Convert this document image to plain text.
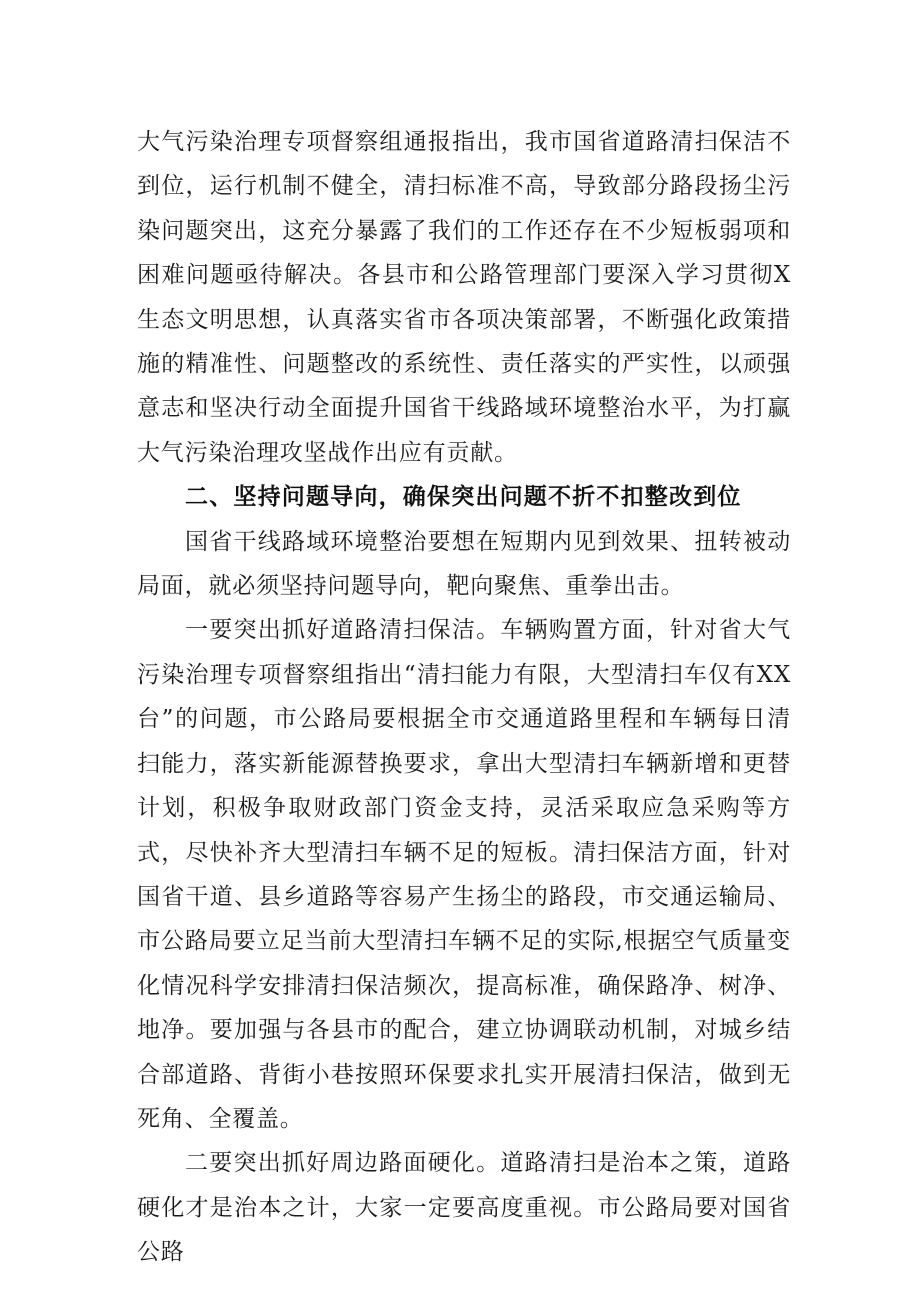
大气污染治理专项督察组通报指出，我市国省道路清扫保洁不到位，运行机制不健全，清扫标准不高，导致部分路段扬尘污染问题突出，这充分暴露了我们的工作还存在不少短板弱项和困难问题亟待解决。各县市和公路管理部门要深入学习贯彻X生态文明思想，认真落实省市各项决策部署，不断强化政策措施的精准性、问题整改的系统性、责任落实的严实性，以顽强意志和坚决行动全面提升国省干线路域环境整治水平，为打赢大气污染治理攻坚战作出应有贡献。

二、坚持问题导向，确保突出问题不折不扣整改到位

国省干线路域环境整治要想在短期内见到效果、扭转被动局面，就必须坚持问题导向，靶向聚焦、重拳出击。

一要突出抓好道路清扫保洁。车辆购置方面，针对省大气污染治理专项督察组指出“清扫能力有限，大型清扫车仅有XX台”的问题，市公路局要根据全市交通道路里程和车辆每日清扫能力，落实新能源替换要求，拿出大型清扫车辆新增和更替计划，积极争取财政部门资金支持，灵活采取应急采购等方式，尽快补齐大型清扫车辆不足的短板。清扫保洁方面，针对国省干道、县乡道路等容易产生扬尘的路段，市交通运输局、市公路局要立足当前大型清扫车辆不足的实际,根据空气质量变化情况科学安排清扫保洁频次，提高标准，确保路净、树净、地净。要加强与各县市的配合，建立协调联动机制，对城乡结合部道路、背街小巷按照环保要求扎实开展清扫保洁，做到无死角、全覆盖。

二要突出抓好周边路面硬化。道路清扫是治本之策，道路硬化才是治本之计，大家一定要高度重视。市公路局要对国省公路
